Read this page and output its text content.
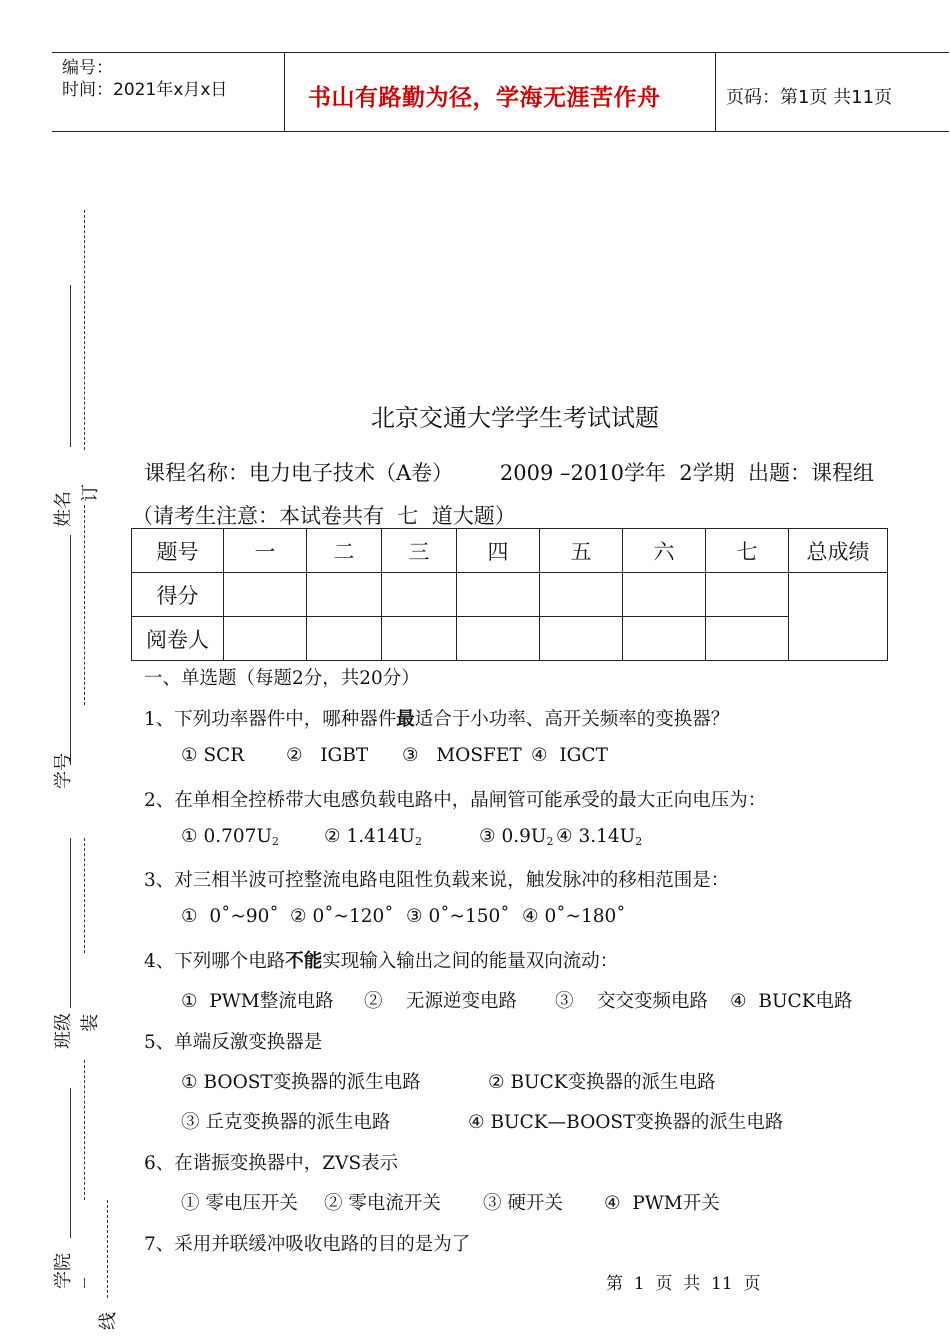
编号：
时间：2021年x月x日	书山有路勤为径，学海无涯苦作舟	页码：第1页 共11页
姓名 订
学号
班级 装
学院
线
北京交通大学学生考试试题
课程名称：电力电子技术（A卷）       2009 –2010学年  2学期  出题：课程组
（请考生注意：本试卷共有  七  道大题）
题号	一	二	三	四	五	六	七	总成绩
得分								
阅卷人								
一、单选题（每题2分，共20分）
1、下列功率器件中，哪种器件最适合于小功率、高开关频率的变换器？
① SCR ②   IGBT ③   MOSFET ④  IGCT
2、在单相全控桥带大电感负载电路中，晶闸管可能承受的最大正向电压为：
① $0.707U_2$ ② $1.414U_2$	③ $0.9U_2$ ④ $3.14U_2$
3、对三相半波可控整流电路电阻性负载来说，触发脉冲的移相范围是：
①  0˚~90˚ ② 0˚~120˚ ③ 0˚~150˚ ④ 0˚~180˚
4、下列哪个电路不能实现输入输出之间的能量双向流动：
①  PWM整流电路 ②    无源逆变电路 ③    交交变频电路 ④  BUCK电路
5、单端反激变换器是
① BOOST变换器的派生电路	② BUCK变换器的派生电路
③ 丘克变换器的派生电路	④ BUCK—BOOST变换器的派生电路
6、在谐振变换器中，ZVS表示
① 零电压开关 ② 零电流开关 ③ 硬开关 ④  PWM开关
7、采用并联缓冲吸收电路的目的是为了
第  1  页  共  11  页
